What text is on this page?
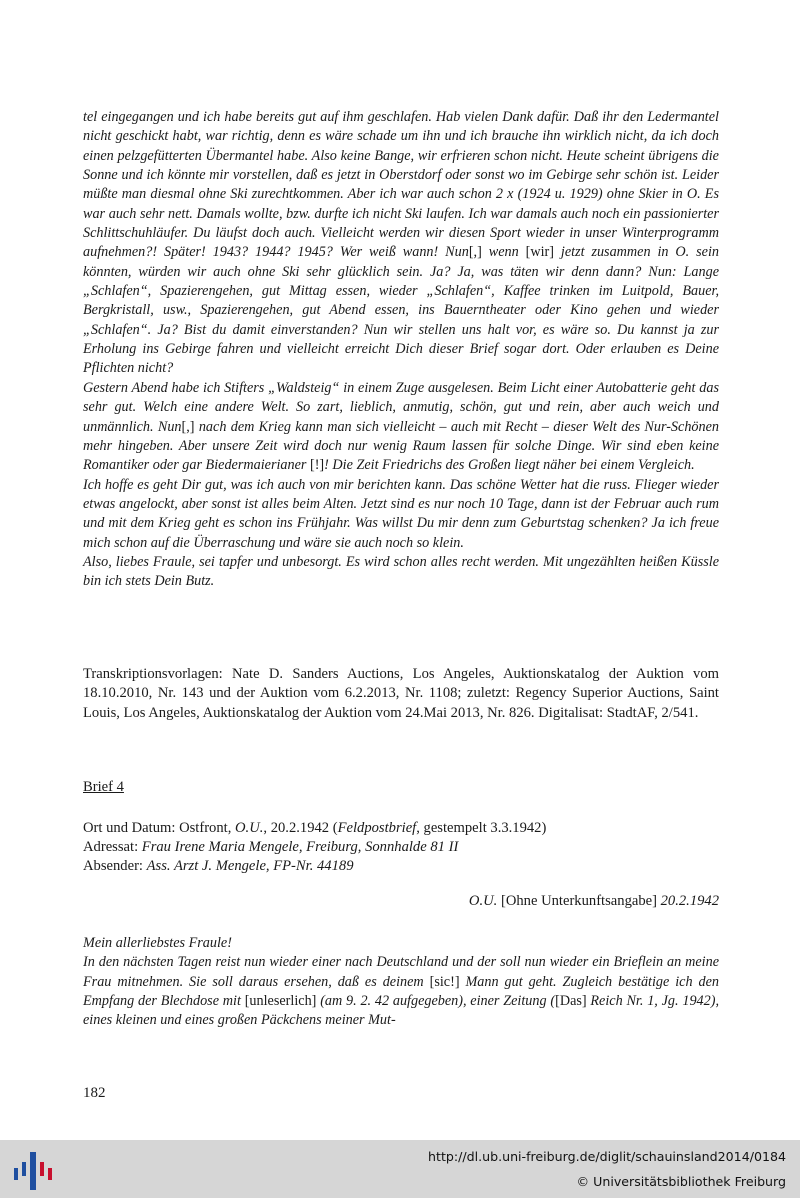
tel eingegangen und ich habe bereits gut auf ihm geschlafen. Hab vielen Dank dafür. Daß ihr den Ledermantel nicht geschickt habt, war richtig, denn es wäre schade um ihn und ich brauche ihn wirklich nicht, da ich doch einen pelzgefütterten Übermantel habe. Also keine Bange, wir erfrieren schon nicht. Heute scheint übrigens die Sonne und ich könnte mir vorstellen, daß es jetzt in Oberstdorf oder sonst wo im Gebirge sehr schön ist. Leider müßte man diesmal ohne Ski zurechtkommen. Aber ich war auch schon 2 x (1924 u. 1929) ohne Skier in O. Es war auch sehr nett. Damals wollte, bzw. durfte ich nicht Ski laufen. Ich war damals auch noch ein passionierter Schlittschuhläufer. Du läufst doch auch. Vielleicht werden wir diesen Sport wieder in unser Winterprogramm aufnehmen?! Später! 1943? 1944? 1945? Wer weiß wann! Nun[,] wenn [wir] jetzt zusammen in O. sein könnten, würden wir auch ohne Ski sehr glücklich sein. Ja? Ja, was täten wir denn dann? Nun: Lange „Schlafen“, Spazierengehen, gut Mittag essen, wieder „Schlafen“, Kaffee trinken im Luitpold, Bauer, Bergkristall, usw., Spazierengehen, gut Abend essen, ins Bauerntheater oder Kino gehen und wieder „Schlafen“. Ja? Bist du damit einverstanden? Nun wir stellen uns halt vor, es wäre so. Du kannst ja zur Erholung ins Gebirge fahren und vielleicht erreicht Dich dieser Brief sogar dort. Oder erlauben es Deine Pflichten nicht?
Gestern Abend habe ich Stifters „Waldsteig“ in einem Zuge ausgelesen. Beim Licht einer Autobatterie geht das sehr gut. Welch eine andere Welt. So zart, lieblich, anmutig, schön, gut und rein, aber auch weich und unmännlich. Nun[,] nach dem Krieg kann man sich vielleicht – auch mit Recht – dieser Welt des Nur-Schönen mehr hingeben. Aber unsere Zeit wird doch nur wenig Raum lassen für solche Dinge. Wir sind eben keine Romantiker oder gar Biedermaierianer [!]! Die Zeit Friedrichs des Großen liegt näher bei einem Vergleich.
Ich hoffe es geht Dir gut, was ich auch von mir berichten kann. Das schöne Wetter hat die russ. Flieger wieder etwas angelockt, aber sonst ist alles beim Alten. Jetzt sind es nur noch 10 Tage, dann ist der Februar auch rum und mit dem Krieg geht es schon ins Frühjahr. Was willst Du mir denn zum Geburtstag schenken? Ja ich freue mich schon auf die Überraschung und wäre sie auch noch so klein.
Also, liebes Fraule, sei tapfer und unbesorgt. Es wird schon alles recht werden. Mit ungezählten heißen Küssle bin ich stets Dein Butz.
Transkriptionsvorlagen: Nate D. Sanders Auctions, Los Angeles, Auktionskatalog der Auktion vom 18.10.2010, Nr. 143 und der Auktion vom 6.2.2013, Nr. 1108; zuletzt: Regency Superior Auctions, Saint Louis, Los Angeles, Auktionskatalog der Auktion vom 24.Mai 2013, Nr. 826. Digitalisat: StadtAF, 2/541.
Brief 4
Ort und Datum: Ostfront, O.U., 20.2.1942 (Feldpostbrief, gestempelt 3.3.1942)
Adressat: Frau Irene Maria Mengele, Freiburg, Sonnhalde 81 II
Absender: Ass. Arzt J. Mengele, FP-Nr. 44189
O.U. [Ohne Unterkunftsangabe] 20.2.1942
Mein allerliebstes Fraule!
In den nächsten Tagen reist nun wieder einer nach Deutschland und der soll nun wieder ein Brieflein an meine Frau mitnehmen. Sie soll daraus ersehen, daß es deinem [sic!] Mann gut geht. Zugleich bestätige ich den Empfang der Blechdose mit [unleserlich] (am 9. 2. 42 aufgegeben), einer Zeitung ([Das] Reich Nr. 1, Jg. 1942), eines kleinen und eines großen Päckchens meiner Mut-
182
http://dl.ub.uni-freiburg.de/diglit/schauinsland2014/0184
© Universitätsbibliothek Freiburg
